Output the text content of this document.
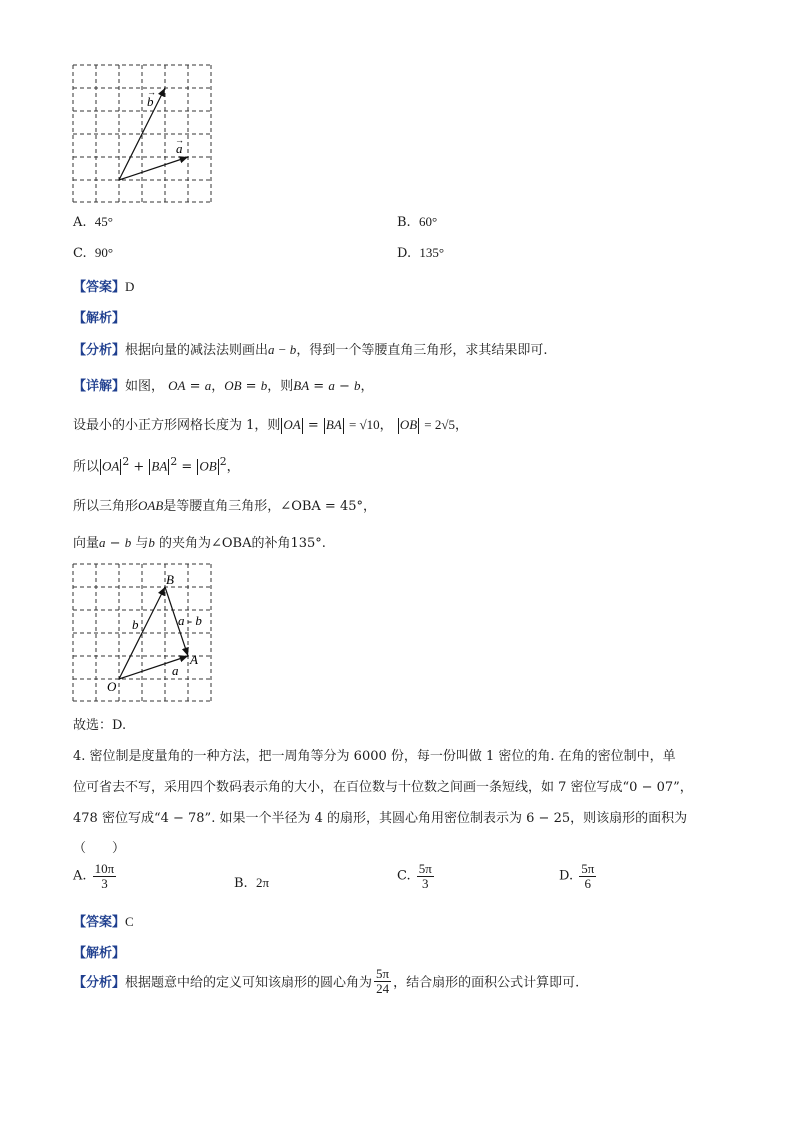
b
→
a
→
A. 45°	B. 60°
C. 90°	D. 135°
【答案】D
【解析】
【分析】根据向量的减法法则画出a − b，得到一个等腰直角三角形，求其结果即可.
【详解】如图， OA = a，OB = b，则BA = a − b，
设最小的小正方形网格长度为 1，则 OA = BA = √10， OB = 2√5，
所以 OA $^2$ + BA $^2$ = OB $^2$，
所以三角形OAB是等腰直角三角形，∠OBA = 45°，
向量a − b 与b 的夹角为∠OBA的补角135°.
B
A
O
b	a - b
a
故选：D.
4. 密位制是度量角的一种方法，把一周角等分为 6000 份，每一份叫做 1 密位的角. 在角的密位制中，单
位可省去不写，采用四个数码表示角的大小，在百位数与十位数之间画一条短线，如 7 密位写成“0 − 07”，
478 密位写成“4 − 78”. 如果一个半径为 4 的扇形，其圆心角用密位制表示为 6 − 25，则该扇形的面积为
（　　）
A. $\frac{10\pi}{3}$	B. 2π	C. $\frac{5\pi}{3}$	D. $\frac{5\pi}{6}$
【答案】C
【解析】
【分析】根据题意中给的定义可知该扇形的圆心角为 $\frac{5\pi}{24}$ ，结合扇形的面积公式计算即可.
